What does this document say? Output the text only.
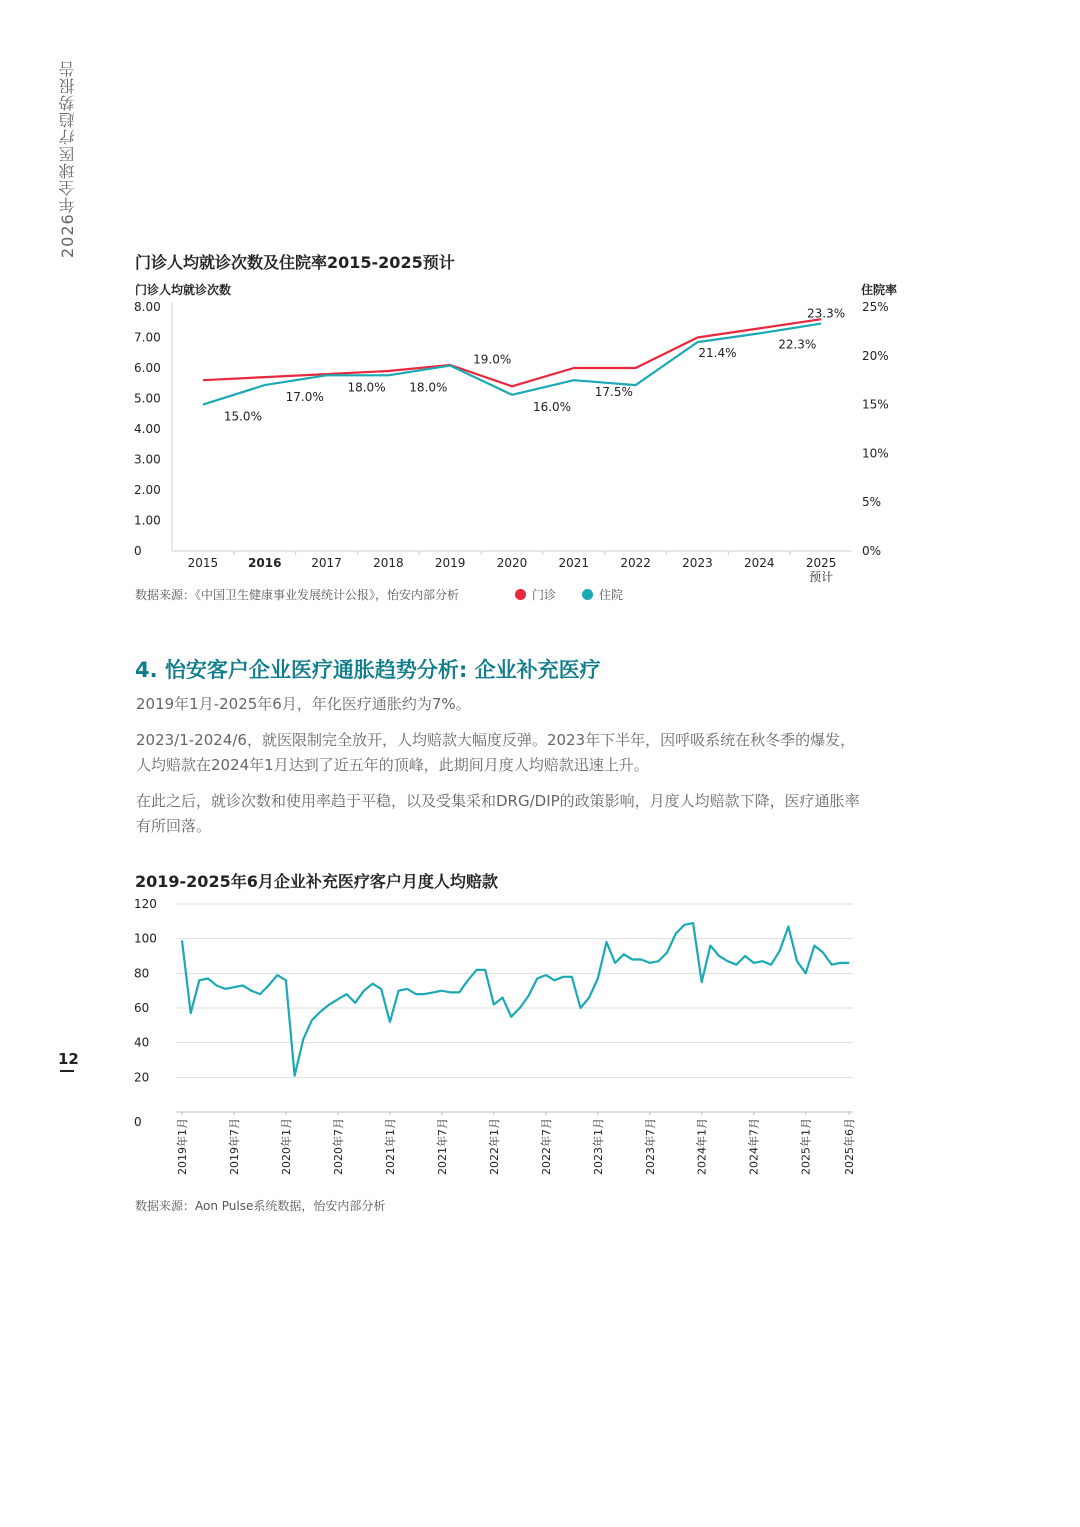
2026年全球医疗趋势报告
门诊人均就诊次数及住院率2015-2025预计
门诊人均就诊次数	住院率
0
1.00
2.00
3.00
4.00
5.00
6.00
7.00
8.00
0%
5%
10%
15%
20%
25%
2015 2016 2017	2018	2019	2020	2021	2022	2023	2024	2025
预计
15.0%
17.0%
18.0% 18.0%
19.0%
16.0%
17.5%
21.4%
22.3%
23.3%
数据来源：《中国卫生健康事业发展统计公报》，怡安内部分析	门诊	住院
4. 怡安客户企业医疗通胀趋势分析: 企业补充医疗

2019年1月-2025年6月，年化医疗通胀约为7%。

2023/1-2024/6，就医限制完全放开，人均赔款大幅度反弹。2023年下半年，因呼吸系统在秋冬季的爆发，人均赔款在2024年1月达到了近五年的顶峰，此期间月度人均赔款迅速上升。

在此之后，就诊次数和使用率趋于平稳，以及受集采和DRG/DIP的政策影响，月度人均赔款下降，医疗通胀率有所回落。

2019-2025年6月企业补充医疗客户月度人均赔款
0
20
40
60
80
100
120
2019年1月	2019年7月	2020年1月	2020年7月	2021年1月	2021年7月	2022年1月	2022年7月	2023年1月	2023年7月	2024年1月	2024年7月	2025年1月	2025年6月
数据来源：Aon Pulse系统数据，怡安内部分析
12
